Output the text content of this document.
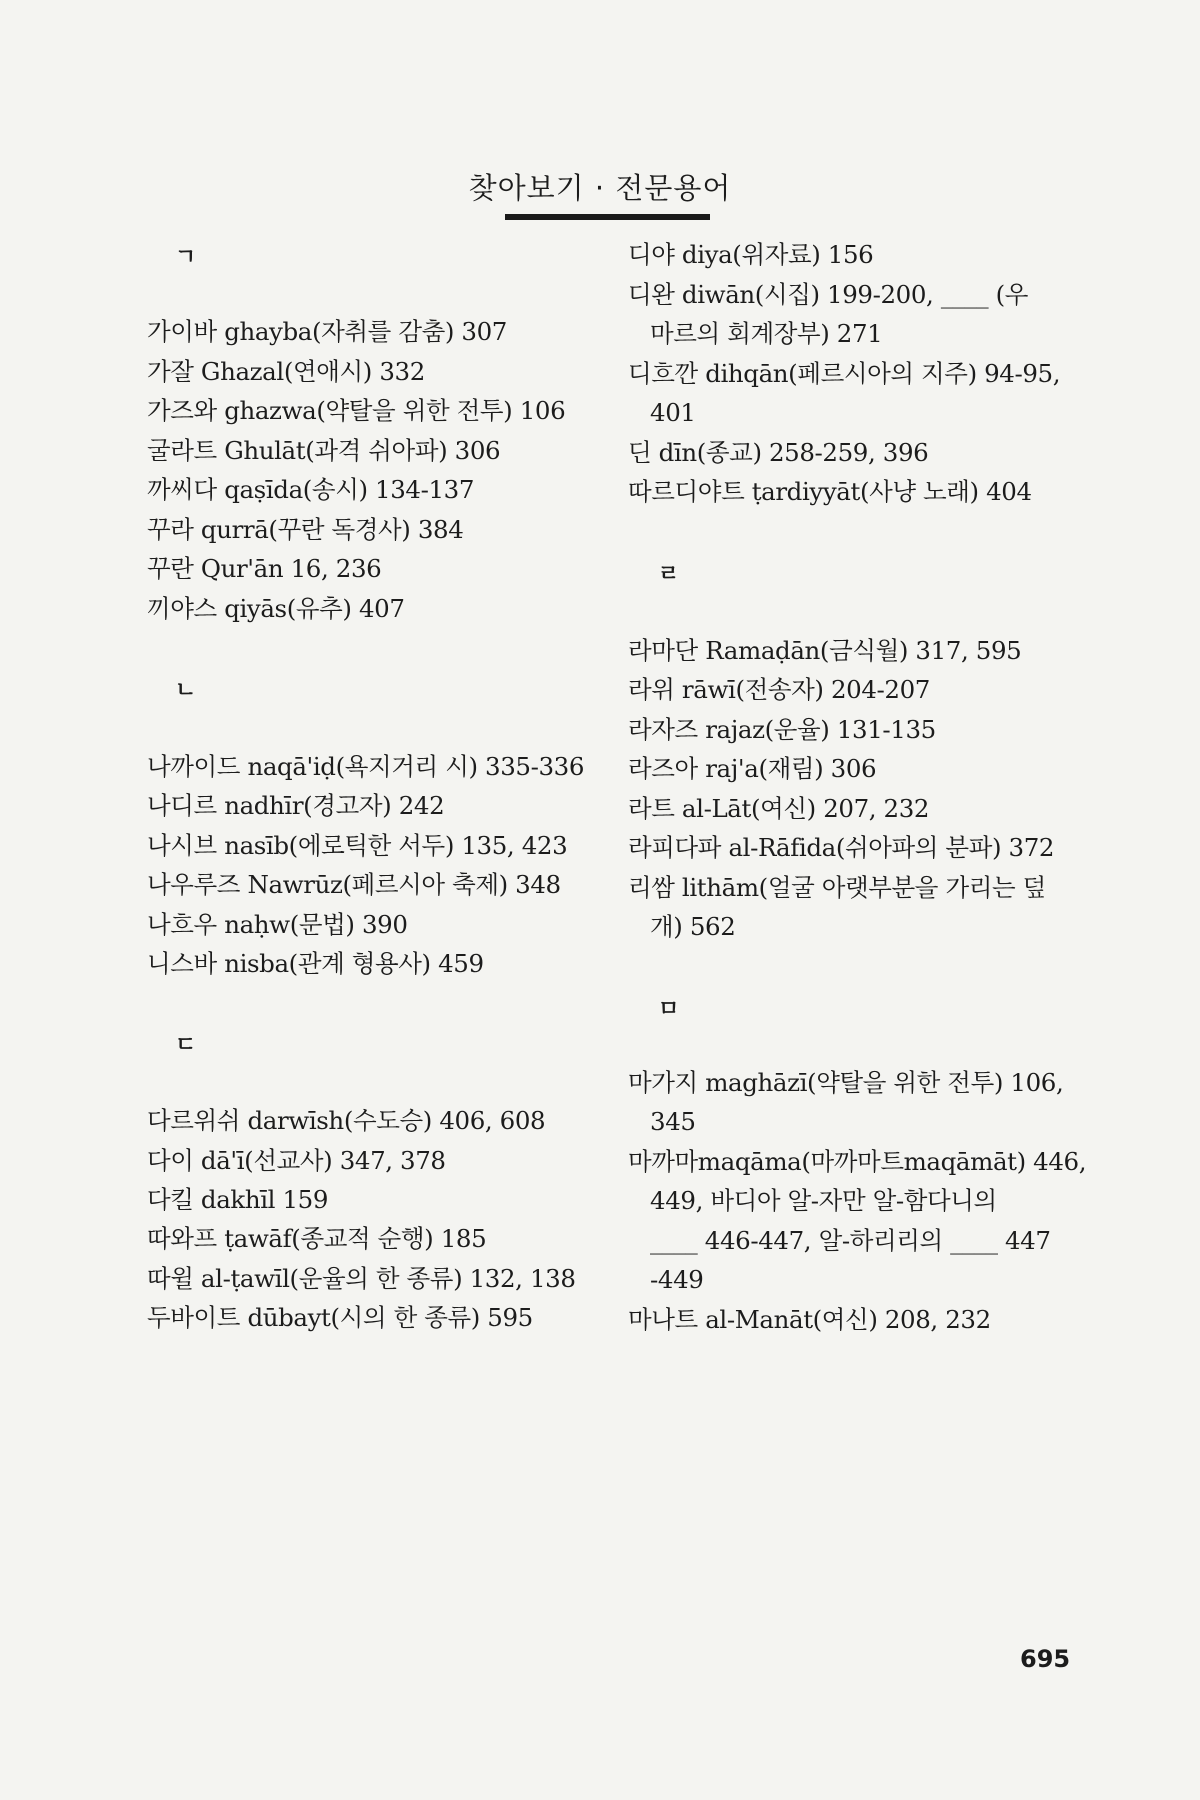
찾아보기 · 전문용어
ㄱ
가이바 ghayba(자취를 감춤) 307
가잘 Ghazal(연애시) 332
가즈와 ghazwa(약탈을 위한 전투) 106
굴라트 Ghulāt(과격 쉬아파) 306
까씨다 qaṣīda(송시) 134-137
꾸라 qurrā(꾸란 독경사) 384
꾸란 Qur'ān 16, 236
끼야스 qiyās(유추) 407
ㄴ
나까이드 naqā'iḍ(욕지거리 시) 335-336
나디르 nadhīr(경고자) 242
나시브 nasīb(에로틱한 서두) 135, 423
나우루즈 Nawrūz(페르시아 축제) 348
나흐우 naḥw(문법) 390
니스바 nisba(관계 형용사) 459
ㄷ
다르위쉬 darwīsh(수도승) 406, 608
다이 dā'ī(선교사) 347, 378
다킬 dakhīl 159
따와프 ṭawāf(종교적 순행) 185
따윌 al-ṭawīl(운율의 한 종류) 132, 138
두바이트 dūbayt(시의 한 종류) 595
디야 diya(위자료) 156
디완 diwān(시집) 199-200, ____ (우
마르의 회계장부) 271
디흐깐 dihqān(페르시아의 지주) 94-95,
401
딘 dīn(종교) 258-259, 396
따르디야트 ṭardiyyāt(사냥 노래) 404
ㄹ
라마단 Ramaḍān(금식월) 317, 595
라위 rāwī(전송자) 204-207
라자즈 rajaz(운율) 131-135
라즈아 raj'a(재림) 306
라트 al-Lāt(여신) 207, 232
라피다파 al-Rāfida(쉬아파의 분파) 372
리쌈 lithām(얼굴 아랫부분을 가리는 덮
개) 562
ㅁ
마가지 maghāzī(약탈을 위한 전투) 106,
345
마까마maqāma(마까마트maqāmāt) 446,
449, 바디아 알-자만 알-함다니의
____ 446-447, 알-하리리의 ____ 447
-449
마나트 al-Manāt(여신) 208, 232
695
